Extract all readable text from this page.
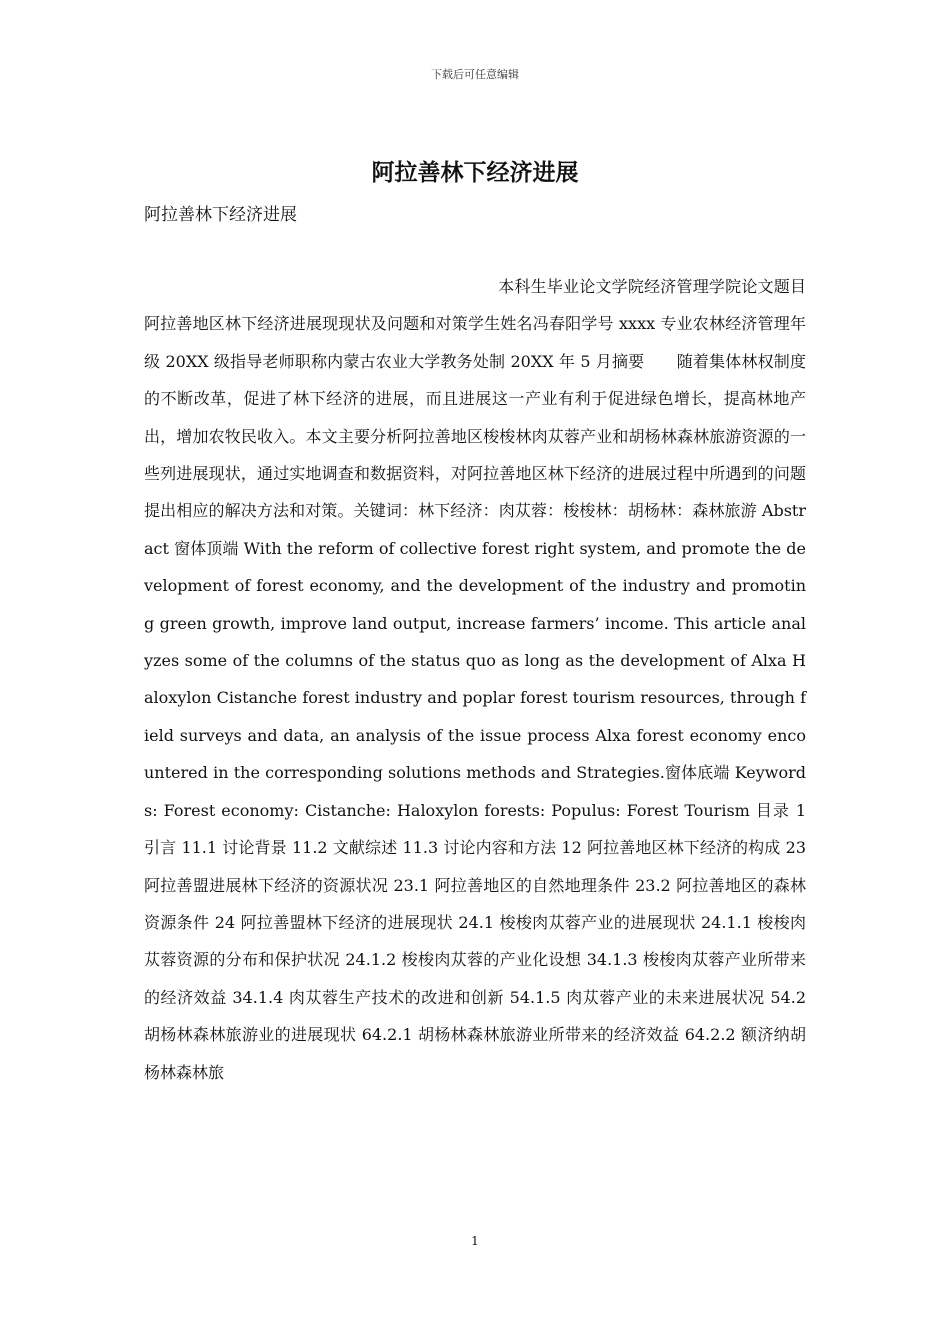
下载后可任意编辑
阿拉善林下经济进展
阿拉善林下经济进展
本科生毕业论文学院经济管理学院论文题目阿拉善地区林下经济进展现现状及问题和对策学生姓名冯春阳学号 xxxx 专业农林经济管理年级 20XX 级指导老师职称内蒙古农业大学教务处制 20XX 年 5 月摘要　　随着集体林权制度的不断改革，促进了林下经济的进展，而且进展这一产业有利于促进绿色增长，提高林地产出，增加农牧民收入。本文主要分析阿拉善地区梭梭林肉苁蓉产业和胡杨林森林旅游资源的一些列进展现状，通过实地调查和数据资料，对阿拉善地区林下经济的进展过程中所遇到的问题提出相应的解决方法和对策。关键词：林下经济：肉苁蓉：梭梭林：胡杨林：森林旅游 Abstract 窗体顶端 With the reform of collective forest right system, and promote the development of forest economy, and the development of the industry and promoting green growth, improve land output, increase farmers’ income. This article analyzes some of the columns of the status quo as long as the development of Alxa Haloxylon Cistanche forest industry and poplar forest tourism resources, through field surveys and data, an analysis of the issue process Alxa forest economy encountered in the corresponding solutions methods and Strategies.窗体底端 Keywords: Forest economy: Cistanche: Haloxylon forests: Populus: Forest Tourism 目录 1 引言 11.1 讨论背景 11.2 文献综述 11.3 讨论内容和方法 12 阿拉善地区林下经济的构成 23 阿拉善盟进展林下经济的资源状况 23.1 阿拉善地区的自然地理条件 23.2 阿拉善地区的森林资源条件 24 阿拉善盟林下经济的进展现状 24.1 梭梭肉苁蓉产业的进展现状 24.1.1 梭梭肉苁蓉资源的分布和保护状况 24.1.2 梭梭肉苁蓉的产业化设想 34.1.3 梭梭肉苁蓉产业所带来的经济效益 34.1.4 肉苁蓉生产技术的改进和创新 54.1.5 肉苁蓉产业的未来进展状况 54.2 胡杨林森林旅游业的进展现状 64.2.1 胡杨林森林旅游业所带来的经济效益 64.2.2 额济纳胡杨林森林旅
1
